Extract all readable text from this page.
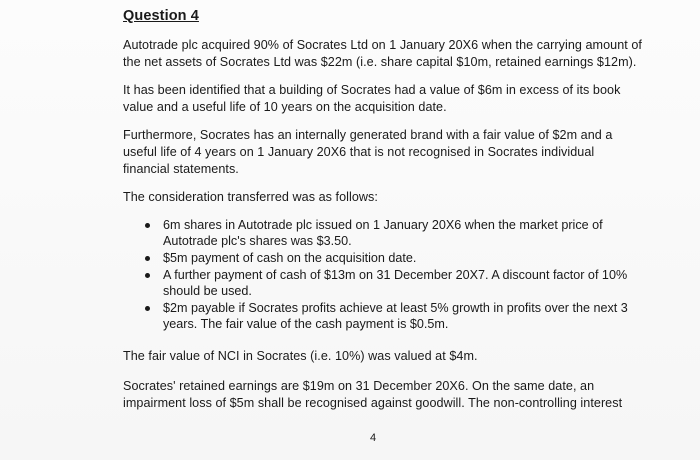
Question 4
Autotrade plc acquired 90% of Socrates Ltd on 1 January 20X6 when the carrying amount of the net assets of Socrates Ltd was $22m (i.e. share capital $10m, retained earnings $12m).
It has been identified that a building of Socrates had a value of $6m in excess of its book value and a useful life of 10 years on the acquisition date.
Furthermore, Socrates has an internally generated brand with a fair value of $2m and a useful life of 4 years on 1 January 20X6 that is not recognised in Socrates individual financial statements.
The consideration transferred was as follows:
6m shares in Autotrade plc issued on 1 January 20X6 when the market price of Autotrade plc's shares was $3.50.
$5m payment of cash on the acquisition date.
A further payment of cash of $13m on 31 December 20X7. A discount factor of 10% should be used.
$2m payable if Socrates profits achieve at least 5% growth in profits over the next 3 years. The fair value of the cash payment is $0.5m.
The fair value of NCI in Socrates (i.e. 10%) was valued at $4m.
Socrates' retained earnings are $19m on 31 December 20X6. On the same date, an impairment loss of $5m shall be recognised against goodwill. The non-controlling interest
4
